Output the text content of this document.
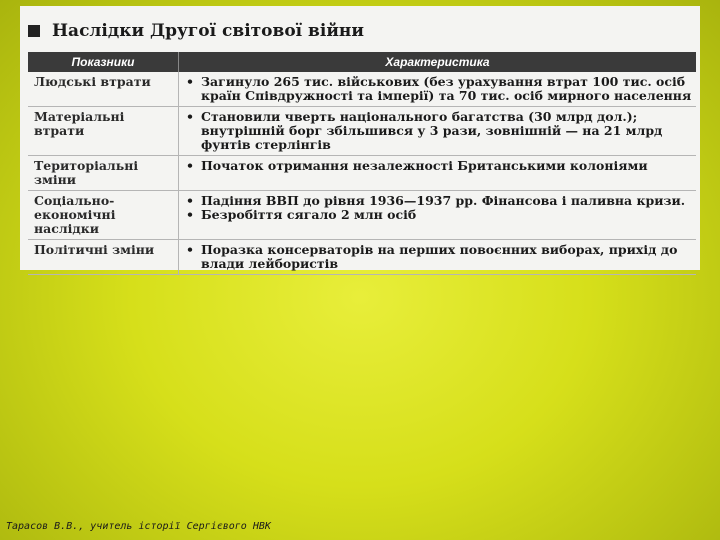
Наслідки Другої світової війни
Показники	Характеристика
Людські втрати	• Загинуло 265 тис. військових (без урахування втрат 100 тис. осіб країн Співдружності та імперії) та 70 тис. осіб мирного населення

Матеріальні втрати	• Становили чверть національного багатства (30 млрд дол.); внутрішній борг збільшився у 3 рази, зовнішній — на 21 млрд фунтів стерлінгів

Територіальні зміни	• Початок отримання незалежності Британськими колоніями

Соціально-економічні наслідки	• Падіння ВВП до рівня 1936—1937 рр. Фінансова і паливна кризи.
• Безробіття сягало 2 млн осіб

Політичні зміни	• Поразка консерваторів на перших повоєнних виборах, прихід до влади лейбористів
Тарасов В.В., учитель історії Сергієвого НВК
